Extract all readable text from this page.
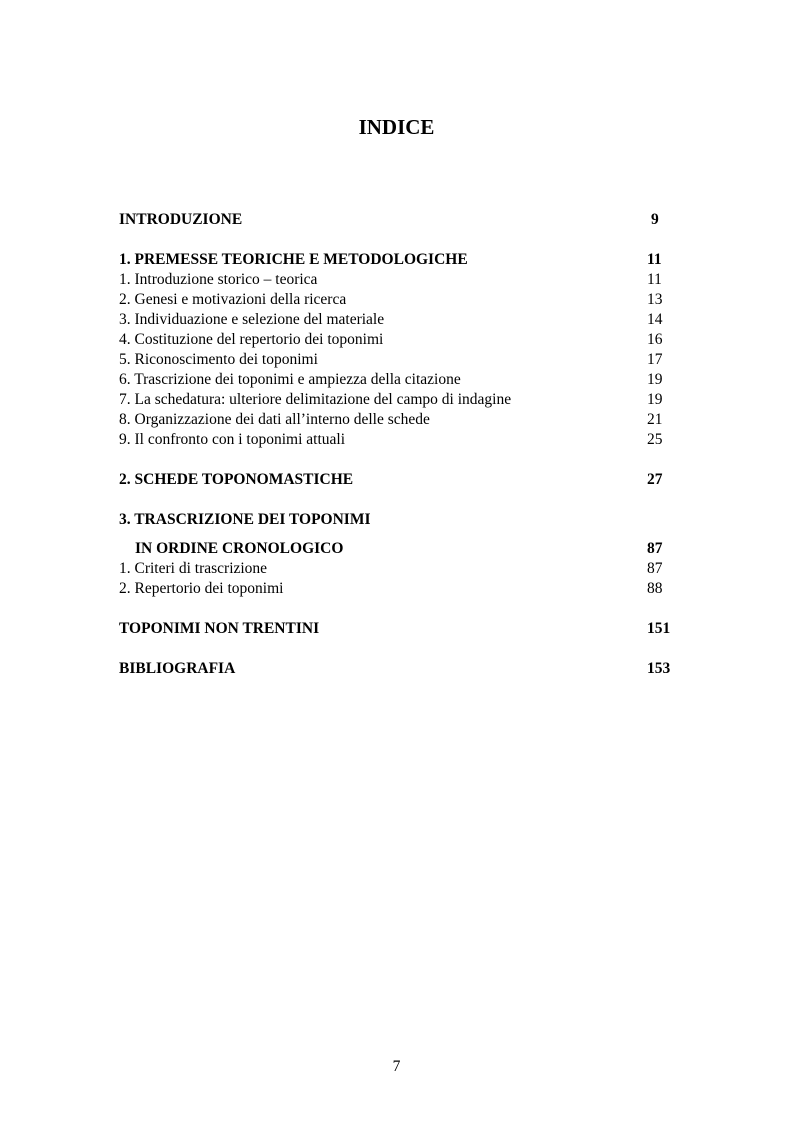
INDICE
INTRODUZIONE	9
1. PREMESSE TEORICHE E METODOLOGICHE	11
1. Introduzione storico – teorica	11
2. Genesi e motivazioni della ricerca	13
3. Individuazione e selezione del materiale	14
4. Costituzione del repertorio dei toponimi	16
5. Riconoscimento dei toponimi	17
6. Trascrizione dei toponimi e ampiezza della citazione	19
7. La schedatura: ulteriore delimitazione del campo di indagine	19
8. Organizzazione dei dati all’interno delle schede	21
9. Il confronto con i toponimi attuali	25
2. SCHEDE TOPONOMASTICHE	27
3. TRASCRIZIONE DEI TOPONIMI
IN ORDINE CRONOLOGICO	87
1. Criteri di trascrizione	87
2. Repertorio dei toponimi	88
TOPONIMI NON TRENTINI	151
BIBLIOGRAFIA	153
7
